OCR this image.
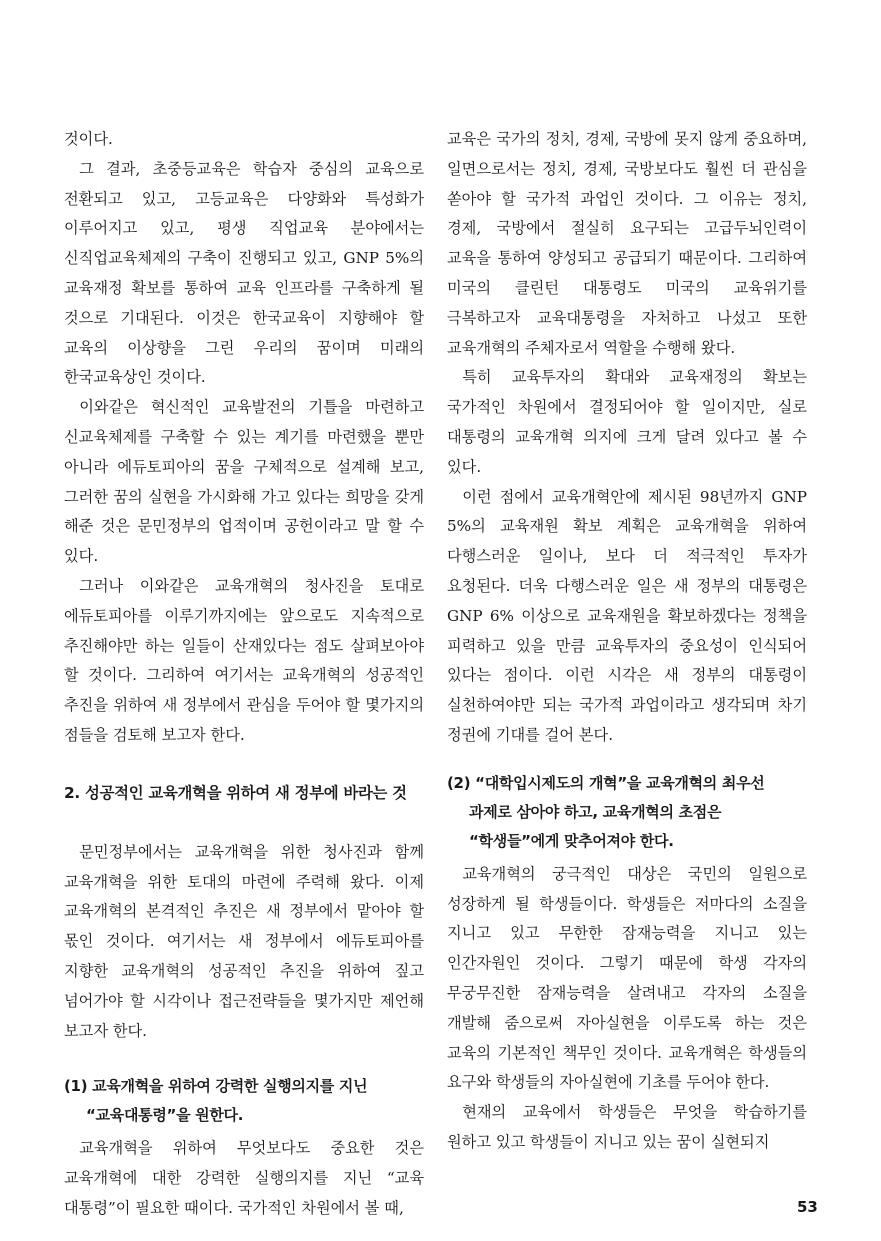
것이다.

그 결과, 초중등교육은 학습자 중심의 교육으로 전환되고 있고, 고등교육은 다양화와 특성화가 이루어지고 있고, 평생 직업교육 분야에서는 신직업교육체제의 구축이 진행되고 있고, GNP 5%의 교육재정 확보를 통하여 교육 인프라를 구축하게 될 것으로 기대된다. 이것은 한국교육이 지향해야 할 교육의 이상향을 그린 우리의 꿈이며 미래의 한국교육상인 것이다.

이와같은 혁신적인 교육발전의 기틀을 마련하고 신교육체제를 구축할 수 있는 계기를 마련했을 뿐만 아니라 에듀토피아의 꿈을 구체적으로 설계해 보고, 그러한 꿈의 실현을 가시화해 가고 있다는 희망을 갖게 해준 것은 문민정부의 업적이며 공헌이라고 말 할 수 있다.

그러나 이와같은 교육개혁의 청사진을 토대로 에듀토피아를 이루기까지에는 앞으로도 지속적으로 추진해야만 하는 일들이 산재있다는 점도 살펴보아야 할 것이다. 그리하여 여기서는 교육개혁의 성공적인 추진을 위하여 새 정부에서 관심을 두어야 할 몇가지의 점들을 검토해 보고자 한다.

2. 성공적인 교육개혁을 위하여 새 정부에 바라는 것

문민정부에서는 교육개혁을 위한 청사진과 함께 교육개혁을 위한 토대의 마련에 주력해 왔다. 이제 교육개혁의 본격적인 추진은 새 정부에서 맡아야 할 몫인 것이다. 여기서는 새 정부에서 에듀토피아를 지향한 교육개혁의 성공적인 추진을 위하여 짚고 넘어가야 할 시각이나 접근전략들을 몇가지만 제언해 보고자 한다.

(1) 교육개혁을 위하여 강력한 실행의지를 지닌 “교육대통령”을 원한다.

교육개혁을 위하여 무엇보다도 중요한 것은 교육개혁에 대한 강력한 실행의지를 지닌 “교육 대통령”이 필요한 때이다. 국가적인 차원에서 볼 때,

교육은 국가의 정치, 경제, 국방에 못지 않게 중요하며, 일면으로서는 정치, 경제, 국방보다도 훨씬 더 관심을 쏟아야 할 국가적 과업인 것이다. 그 이유는 정치, 경제, 국방에서 절실히 요구되는 고급두뇌인력이 교육을 통하여 양성되고 공급되기 때문이다. 그리하여 미국의 클린턴 대통령도 미국의 교육위기를 극복하고자 교육대통령을 자처하고 나섰고 또한 교육개혁의 주체자로서 역할을 수행해 왔다.

특히 교육투자의 확대와 교육재정의 확보는 국가적인 차원에서 결정되어야 할 일이지만, 실로 대통령의 교육개혁 의지에 크게 달려 있다고 볼 수 있다.

이런 점에서 교육개혁안에 제시된 98년까지 GNP 5%의 교육재원 확보 계획은 교육개혁을 위하여 다행스러운 일이나, 보다 더 적극적인 투자가 요청된다. 더욱 다행스러운 일은 새 정부의 대통령은 GNP 6% 이상으로 교육재원을 확보하겠다는 정책을 피력하고 있을 만큼 교육투자의 중요성이 인식되어 있다는 점이다. 이런 시각은 새 정부의 대통령이 실천하여야만 되는 국가적 과업이라고 생각되며 차기 정권에 기대를 걸어 본다.

(2) “대학입시제도의 개혁”을 교육개혁의 최우선 과제로 삼아야 하고, 교육개혁의 초점은 “학생들”에게 맞추어져야 한다.

교육개혁의 궁극적인 대상은 국민의 일원으로 성장하게 될 학생들이다. 학생들은 저마다의 소질을 지니고 있고 무한한 잠재능력을 지니고 있는 인간자원인 것이다. 그렇기 때문에 학생 각자의 무궁무진한 잠재능력을 살려내고 각자의 소질을 개발해 줌으로써 자아실현을 이루도록 하는 것은 교육의 기본적인 책무인 것이다. 교육개혁은 학생들의 요구와 학생들의 자아실현에 기초를 두어야 한다.

현재의 교육에서 학생들은 무엇을 학습하기를 원하고 있고 학생들이 지니고 있는 꿈이 실현되지

53
